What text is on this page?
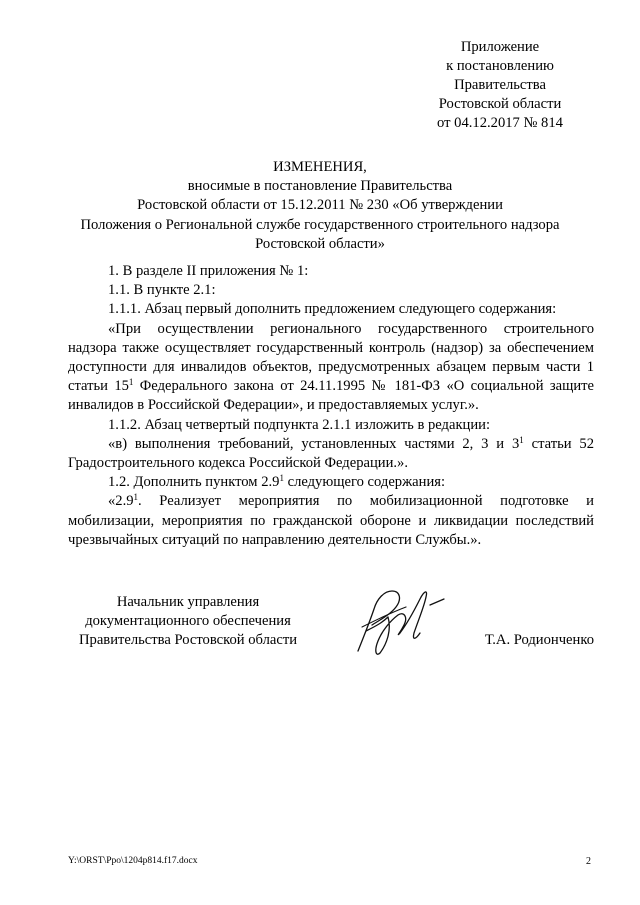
Приложение
к постановлению
Правительства
Ростовской области
от 04.12.2017 № 814
ИЗМЕНЕНИЯ,
вносимые в постановление Правительства
Ростовской области от 15.12.2011 № 230 «Об утверждении
Положения о Региональной службе государственного строительного надзора
Ростовской области»

1. В разделе II приложения № 1:

1.1. В пункте 2.1:

1.1.1. Абзац первый дополнить предложением следующего содержания:

«При осуществлении регионального государственного строительного надзора также осуществляет государственный контроль (надзор) за обеспечением доступности для инвалидов объектов, предусмотренных абзацем первым части 1 статьи $15^1$ Федерального закона от 24.11.1995 № 181-ФЗ «О социальной защите инвалидов в Российской Федерации», и предоставляемых услуг.».

1.1.2. Абзац четвертый подпункта 2.1.1 изложить в редакции:

«в) выполнения требований, установленных частями 2, 3 и $3^1$ статьи 52 Градостроительного кодекса Российской Федерации.».

1.2. Дополнить пунктом $2.9^1$ следующего содержания:

«$2.9^1$. Реализует мероприятия по мобилизационной подготовке и мобилизации, мероприятия по гражданской обороне и ликвидации последствий чрезвычайных ситуаций по направлению деятельности Службы.».

Начальник управления
документационного обеспечения
Правительства Ростовской области	Т.А. Родионченко
Y:\ORST\Ppo\1204p814.f17.docx	2
